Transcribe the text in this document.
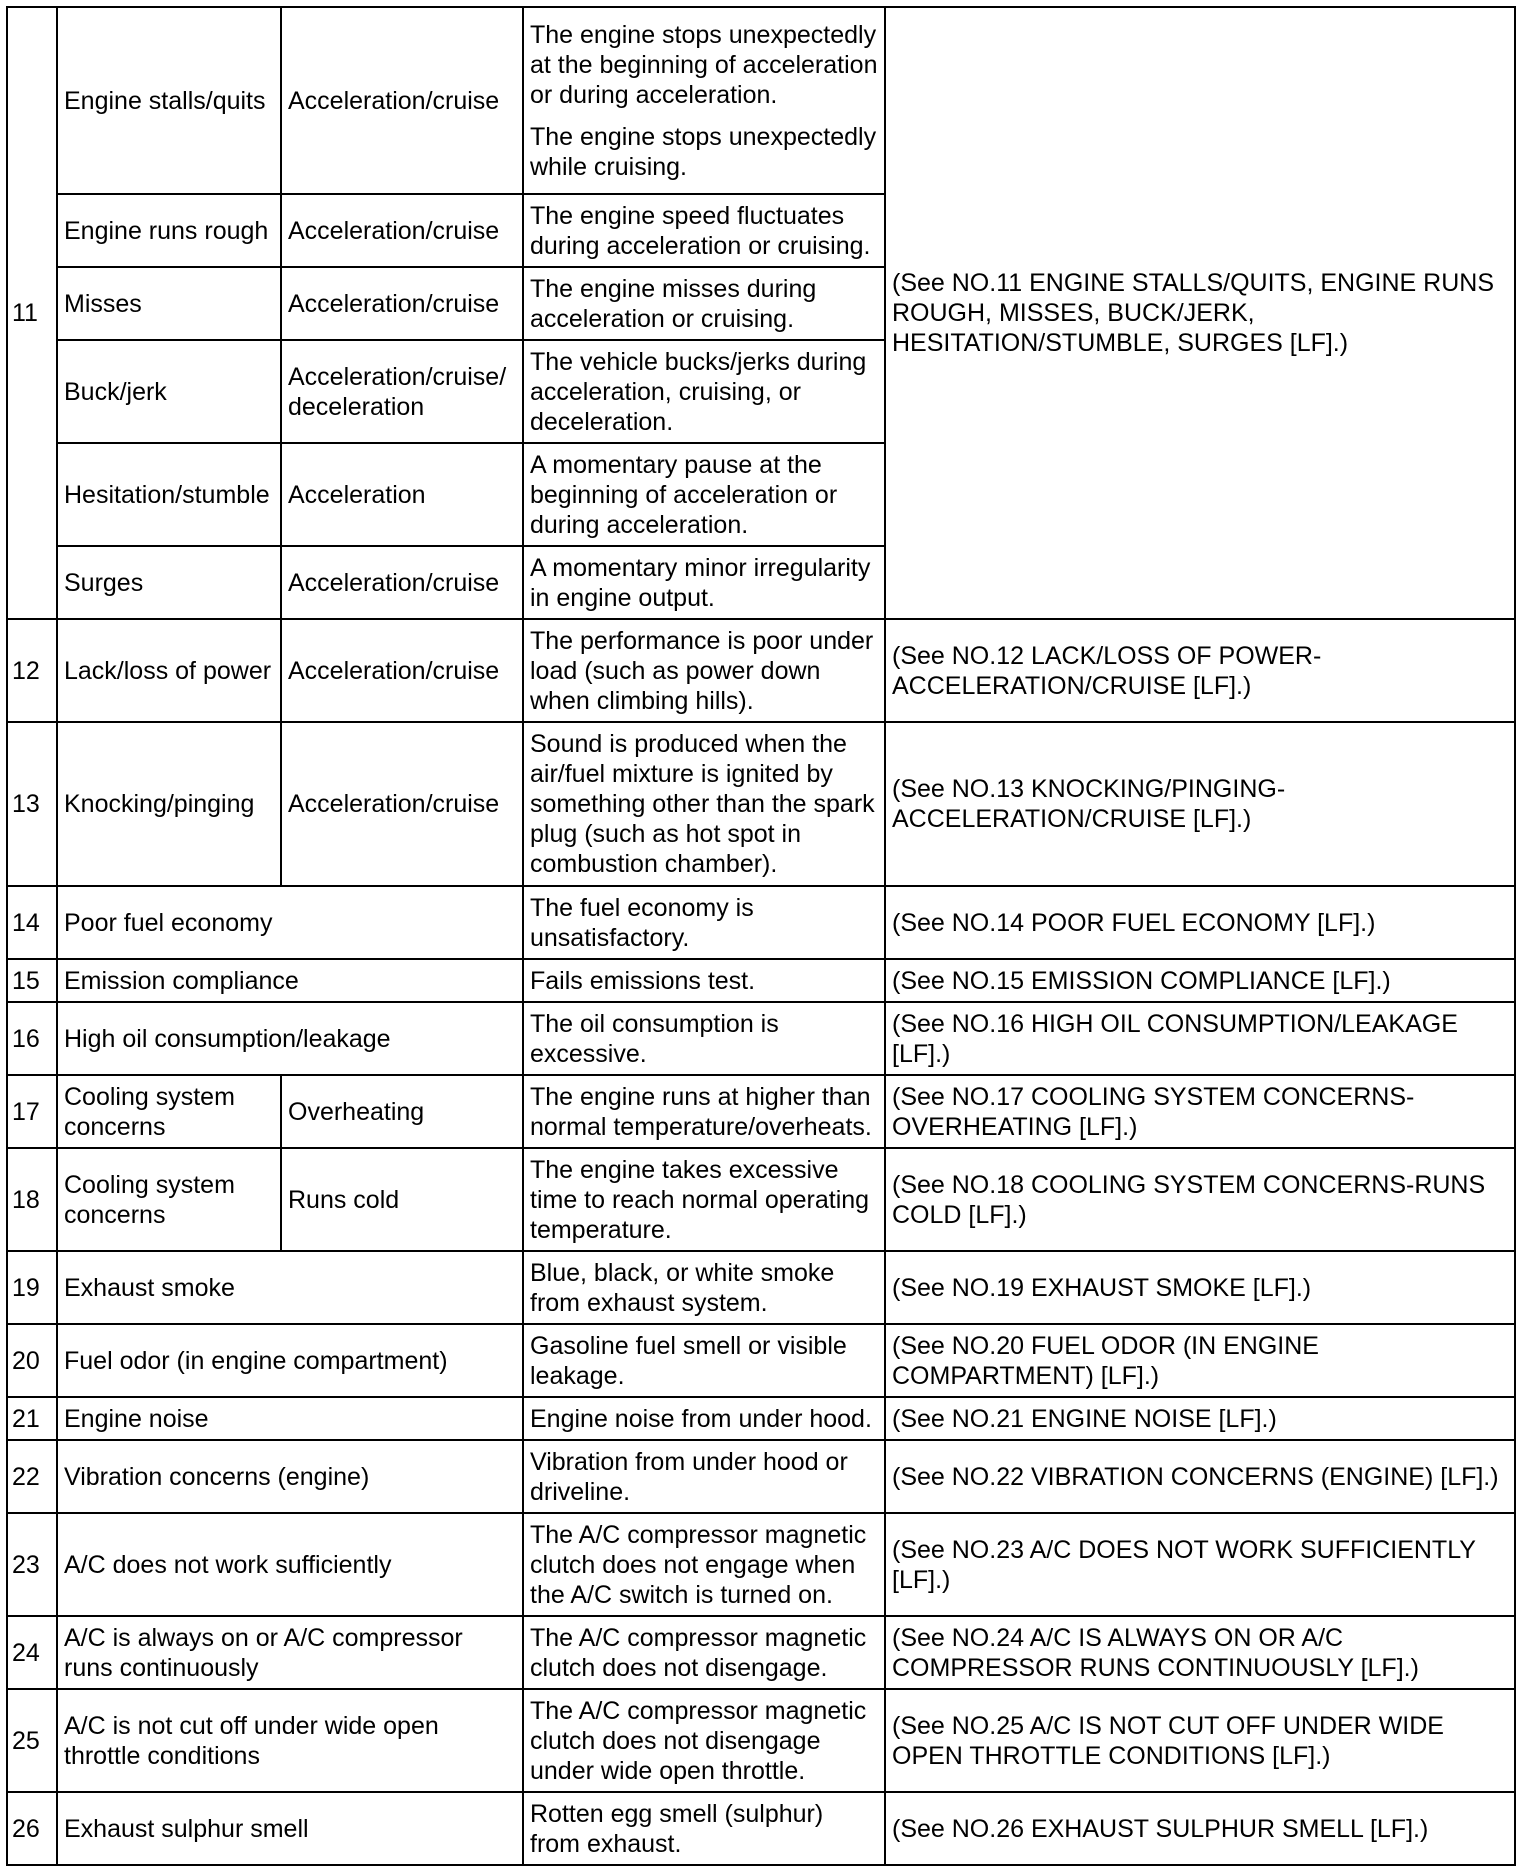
11	Engine stalls/quits	Acceleration/cruise	The engine stops unexpectedly at the beginning of acceleration or during acceleration.

The engine stops unexpectedly while cruising.	(See NO.11 ENGINE STALLS/QUITS, ENGINE RUNS ROUGH, MISSES, BUCK/JERK, HESITATION/STUMBLE, SURGES [LF].)
	Engine runs rough	Acceleration/cruise	The engine speed fluctuates during acceleration or cruising.	
	Misses	Acceleration/cruise	The engine misses during acceleration or cruising.	
	Buck/jerk	Acceleration/cruise/ deceleration	The vehicle bucks/jerks during acceleration, cruising, or deceleration.	
	Hesitation/stumble	Acceleration	A momentary pause at the beginning of acceleration or during acceleration.	
	Surges	Acceleration/cruise	A momentary minor irregularity in engine output.	
12	Lack/loss of power	Acceleration/cruise	The performance is poor under load (such as power down when climbing hills).	(See NO.12 LACK/LOSS OF POWER-ACCELERATION/CRUISE [LF].)
13	Knocking/pinging	Acceleration/cruise	Sound is produced when the air/fuel mixture is ignited by something other than the spark plug (such as hot spot in combustion chamber).	(See NO.13 KNOCKING/PINGING-ACCELERATION/CRUISE [LF].)
14	Poor fuel economy		The fuel economy is unsatisfactory.	(See NO.14 POOR FUEL ECONOMY [LF].)
15	Emission compliance		Fails emissions test.	(See NO.15 EMISSION COMPLIANCE [LF].)
16	High oil consumption/leakage		The oil consumption is excessive.	(See NO.16 HIGH OIL CONSUMPTION/LEAKAGE [LF].)
17	Cooling system concerns	Overheating	The engine runs at higher than normal temperature/overheats.	(See NO.17 COOLING SYSTEM CONCERNS-OVERHEATING [LF].)
18	Cooling system concerns	Runs cold	The engine takes excessive time to reach normal operating temperature.	(See NO.18 COOLING SYSTEM CONCERNS-RUNS COLD [LF].)
19	Exhaust smoke		Blue, black, or white smoke from exhaust system.	(See NO.19 EXHAUST SMOKE [LF].)
20	Fuel odor (in engine compartment)		Gasoline fuel smell or visible leakage.	(See NO.20 FUEL ODOR (IN ENGINE COMPARTMENT) [LF].)
21	Engine noise		Engine noise from under hood.	(See NO.21 ENGINE NOISE [LF].)
22	Vibration concerns (engine)		Vibration from under hood or driveline.	(See NO.22 VIBRATION CONCERNS (ENGINE) [LF].)
23	A/C does not work sufficiently		The A/C compressor magnetic clutch does not engage when the A/C switch is turned on.	(See NO.23 A/C DOES NOT WORK SUFFICIENTLY [LF].)
24	A/C is always on or A/C compressor runs continuously		The A/C compressor magnetic clutch does not disengage.	(See NO.24 A/C IS ALWAYS ON OR A/C COMPRESSOR RUNS CONTINUOUSLY [LF].)
25	A/C is not cut off under wide open throttle conditions		The A/C compressor magnetic clutch does not disengage under wide open throttle.	(See NO.25 A/C IS NOT CUT OFF UNDER WIDE OPEN THROTTLE CONDITIONS [LF].)
26	Exhaust sulphur smell		Rotten egg smell (sulphur) from exhaust.	(See NO.26 EXHAUST SULPHUR SMELL [LF].)
